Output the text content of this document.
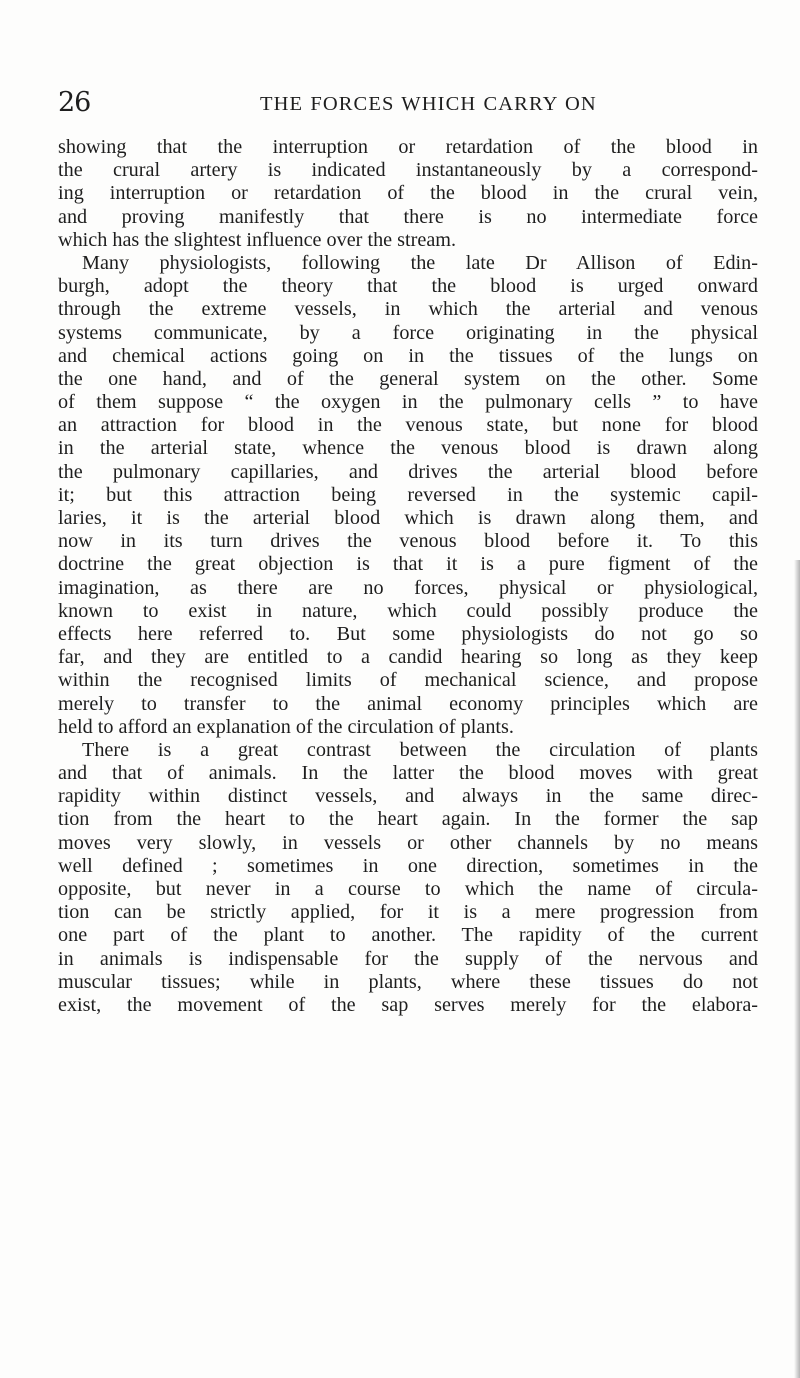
26	THE FORCES WHICH CARRY ON
showing that the interruption or retardation of the blood in
the crural artery is indicated instantaneously by a correspond-
ing interruption or retardation of the blood in the crural vein,
and proving manifestly that there is no intermediate force
which has the slightest influence over the stream.
Many physiologists, following the late Dr Allison of Edin-
burgh, adopt the theory that the blood is urged onward
through the extreme vessels, in which the arterial and venous
systems communicate, by a force originating in the physical
and chemical actions going on in the tissues of the lungs on
the one hand, and of the general system on the other. Some
of them suppose “ the oxygen in the pulmonary cells ” to have
an attraction for blood in the venous state, but none for blood
in the arterial state, whence the venous blood is drawn along
the pulmonary capillaries, and drives the arterial blood before
it; but this attraction being reversed in the systemic capil-
laries, it is the arterial blood which is drawn along them, and
now in its turn drives the venous blood before it. To this
doctrine the great objection is that it is a pure figment of the
imagination, as there are no forces, physical or physiological,
known to exist in nature, which could possibly produce the
effects here referred to. But some physiologists do not go so
far, and they are entitled to a candid hearing so long as they keep
within the recognised limits of mechanical science, and propose
merely to transfer to the animal economy principles which are
held to afford an explanation of the circulation of plants.
There is a great contrast between the circulation of plants
and that of animals. In the latter the blood moves with great
rapidity within distinct vessels, and always in the same direc-
tion from the heart to the heart again. In the former the sap
moves very slowly, in vessels or other channels by no means
well defined ; sometimes in one direction, sometimes in the
opposite, but never in a course to which the name of circula-
tion can be strictly applied, for it is a mere progression from
one part of the plant to another. The rapidity of the current
in animals is indispensable for the supply of the nervous and
muscular tissues; while in plants, where these tissues do not
exist, the movement of the sap serves merely for the elabora-
